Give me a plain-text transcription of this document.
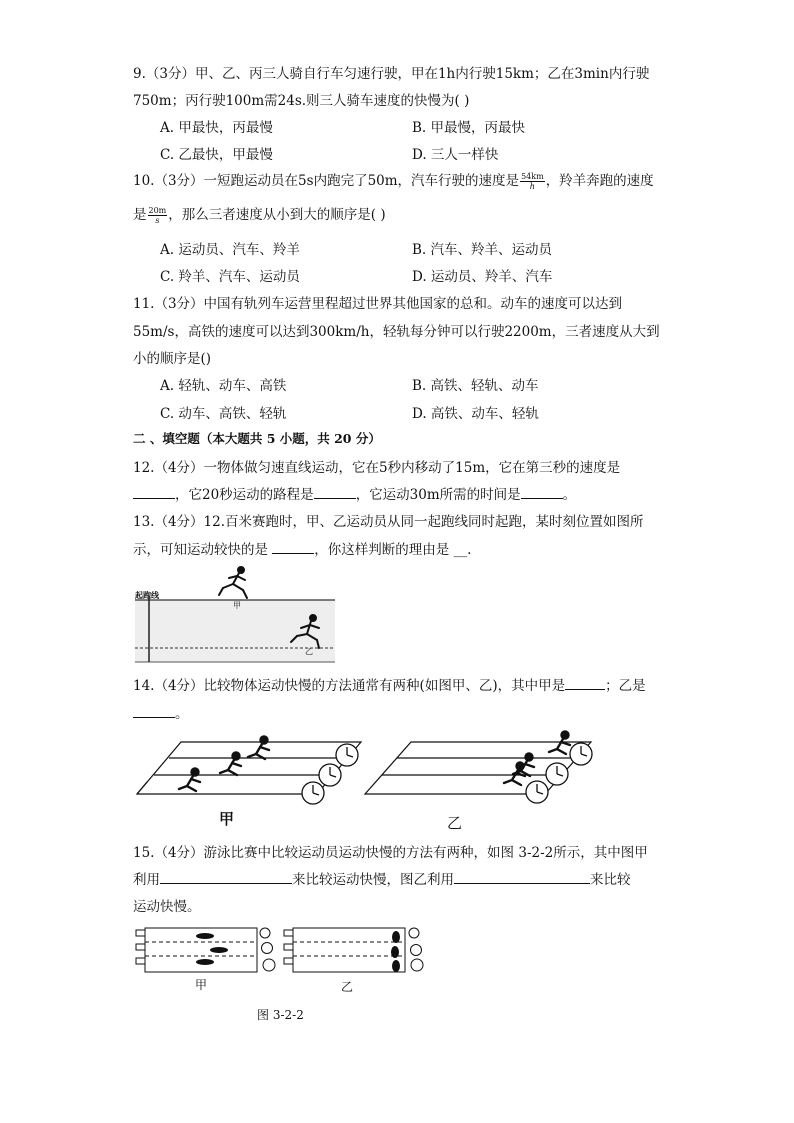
9.（3分）甲、乙、丙三人骑自行车匀速行驶，甲在1h内行驶15km；乙在3min内行驶
750m；丙行驶100m需24s.则三人骑车速度的快慢为( )
A. 甲最快，丙最慢	B. 甲最慢，丙最快
C. 乙最快，甲最慢	D. 三人一样快
10.（3分）一短跑运动员在5s内跑完了50m，汽车行驶的速度是 $\frac{54km}{h}$ ，羚羊奔跑的速度
是 $\frac{20m}{s}$ ，那么三者速度从小到大的顺序是( )
A. 运动员、汽车、羚羊	B. 汽车、羚羊、运动员
C. 羚羊、汽车、运动员	D. 运动员、羚羊、汽车
11.（3分）中国有轨列车运营里程超过世界其他国家的总和。动车的速度可以达到
55m/s，高铁的速度可以达到300km/h，轻轨每分钟可以行驶2200m，三者速度从大到
小的顺序是()
A. 轻轨、动车、高铁	B. 高铁、轻轨、动车
C. 动车、高铁、轻轨	D. 高铁、动车、轻轨
二 、填空题（本大题共 5 小题，共 20 分）
12.（4分）一物体做匀速直线运动，它在5秒内移动了15m，它在第三秒的速度是
，它20秒运动的路程是	，它运动30m所需的时间是	。
13.（4分）12.百米赛跑时，甲、乙运动员从同一起跑线同时起跑，某时刻位置如图所
示，可知运动较快的是	，你这样判断的理由是 __.
起跑线
甲
乙
14.（4分）比较物体运动快慢的方法通常有两种(如图甲、乙)，其中甲是	；乙是
。
甲	乙
15.（4分）游泳比赛中比较运动员运动快慢的方法有两种，如图 3-2-2所示，其中图甲
利用	来比较运动快慢，图乙利用	来比较
运动快慢。
甲	乙
图 3-2-2
